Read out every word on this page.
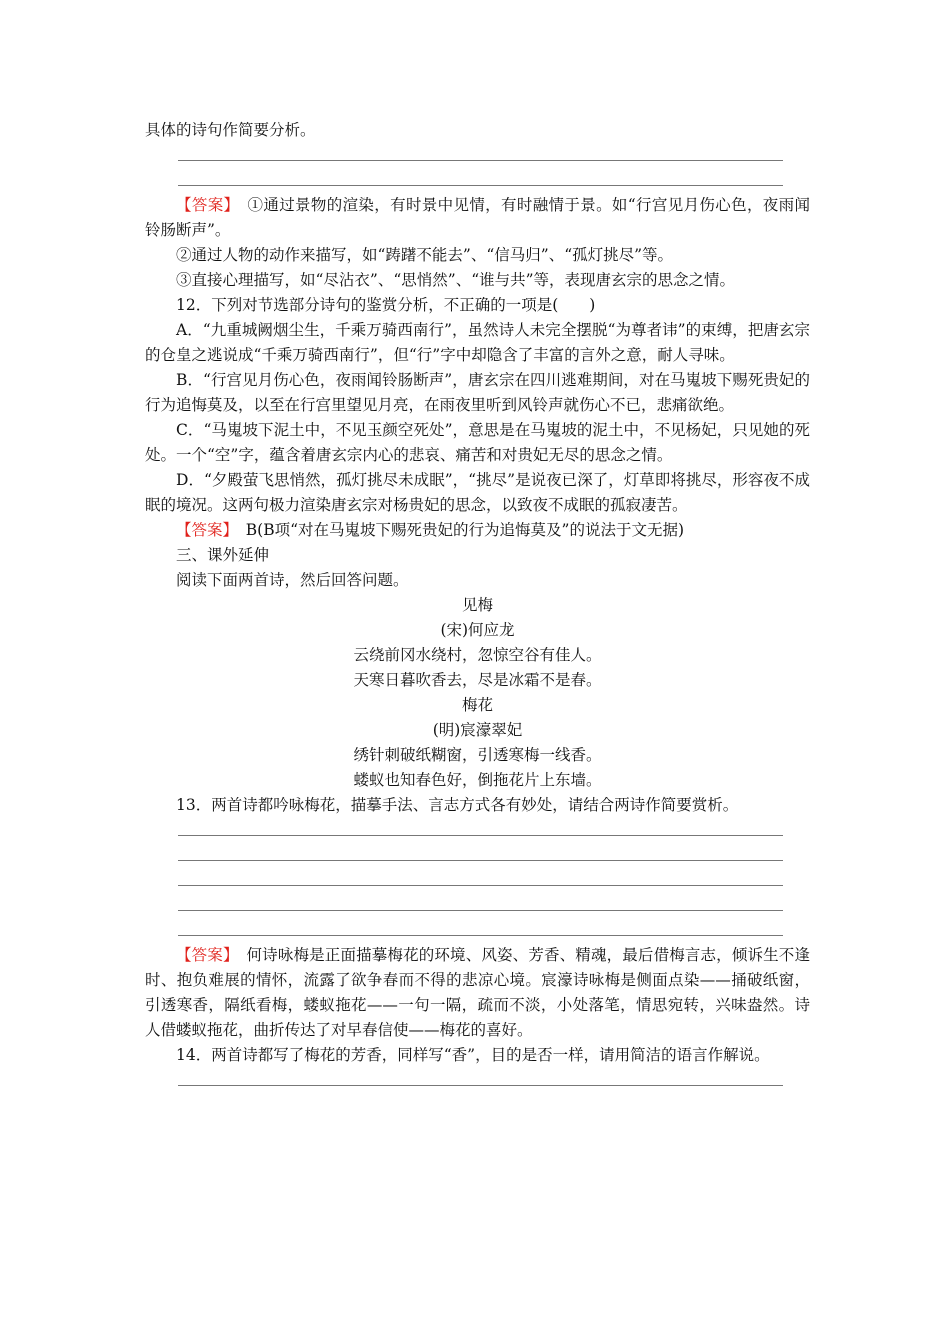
具体的诗句作简要分析。

【答案】　 ①通过景物的渲染，有时景中见情，有时融情于景。如“行宫见月伤心色，夜雨闻铃肠断声”。

②通过人物的动作来描写，如“踌躇不能去”、“信马归”、“孤灯挑尽”等。

③直接心理描写，如“尽沾衣”、“思悄然”、“谁与共”等，表现唐玄宗的思念之情。

12．下列对节选部分诗句的鉴赏分析，不正确的一项是(　　)

A．“九重城阙烟尘生，千乘万骑西南行”，虽然诗人未完全摆脱“为尊者讳”的束缚，把唐玄宗的仓皇之逃说成“千乘万骑西南行”，但“行”字中却隐含了丰富的言外之意，耐人寻味。

B．“行宫见月伤心色，夜雨闻铃肠断声”，唐玄宗在四川逃难期间，对在马嵬坡下赐死贵妃的行为追悔莫及，以至在行宫里望见月亮，在雨夜里听到风铃声就伤心不已，悲痛欲绝。

C．“马嵬坡下泥土中，不见玉颜空死处”，意思是在马嵬坡的泥土中，不见杨妃，只见她的死处。一个“空”字，蕴含着唐玄宗内心的悲哀、痛苦和对贵妃无尽的思念之情。

D．“夕殿萤飞思悄然，孤灯挑尽未成眠”，“挑尽”是说夜已深了，灯草即将挑尽，形容夜不成眠的境况。这两句极力渲染唐玄宗对杨贵妃的思念，以致夜不成眠的孤寂凄苦。

【答案】　 B(B项“对在马嵬坡下赐死贵妃的行为追悔莫及”的说法于文无据)

三、课外延伸

阅读下面两首诗，然后回答问题。

见梅

(宋)何应龙

云绕前冈水绕村，忽惊空谷有佳人。

天寒日暮吹香去，尽是冰霜不是春。

梅花

(明)宸濠翠妃

绣针刺破纸糊窗，引透寒梅一线香。

蝼蚁也知春色好，倒拖花片上东墙。

13．两首诗都吟咏梅花，描摹手法、言志方式各有妙处，请结合两诗作简要赏析。

【答案】　 何诗咏梅是正面描摹梅花的环境、风姿、芳香、精魂，最后借梅言志，倾诉生不逢时、抱负难展的情怀，流露了欲争春而不得的悲凉心境。宸濠诗咏梅是侧面点染——捅破纸窗，引透寒香，隔纸看梅，蝼蚁拖花——一句一隔，疏而不淡，小处落笔，情思宛转，兴味盎然。诗人借蝼蚁拖花，曲折传达了对早春信使——梅花的喜好。

14．两首诗都写了梅花的芳香，同样写“香”，目的是否一样，请用简洁的语言作解说。
